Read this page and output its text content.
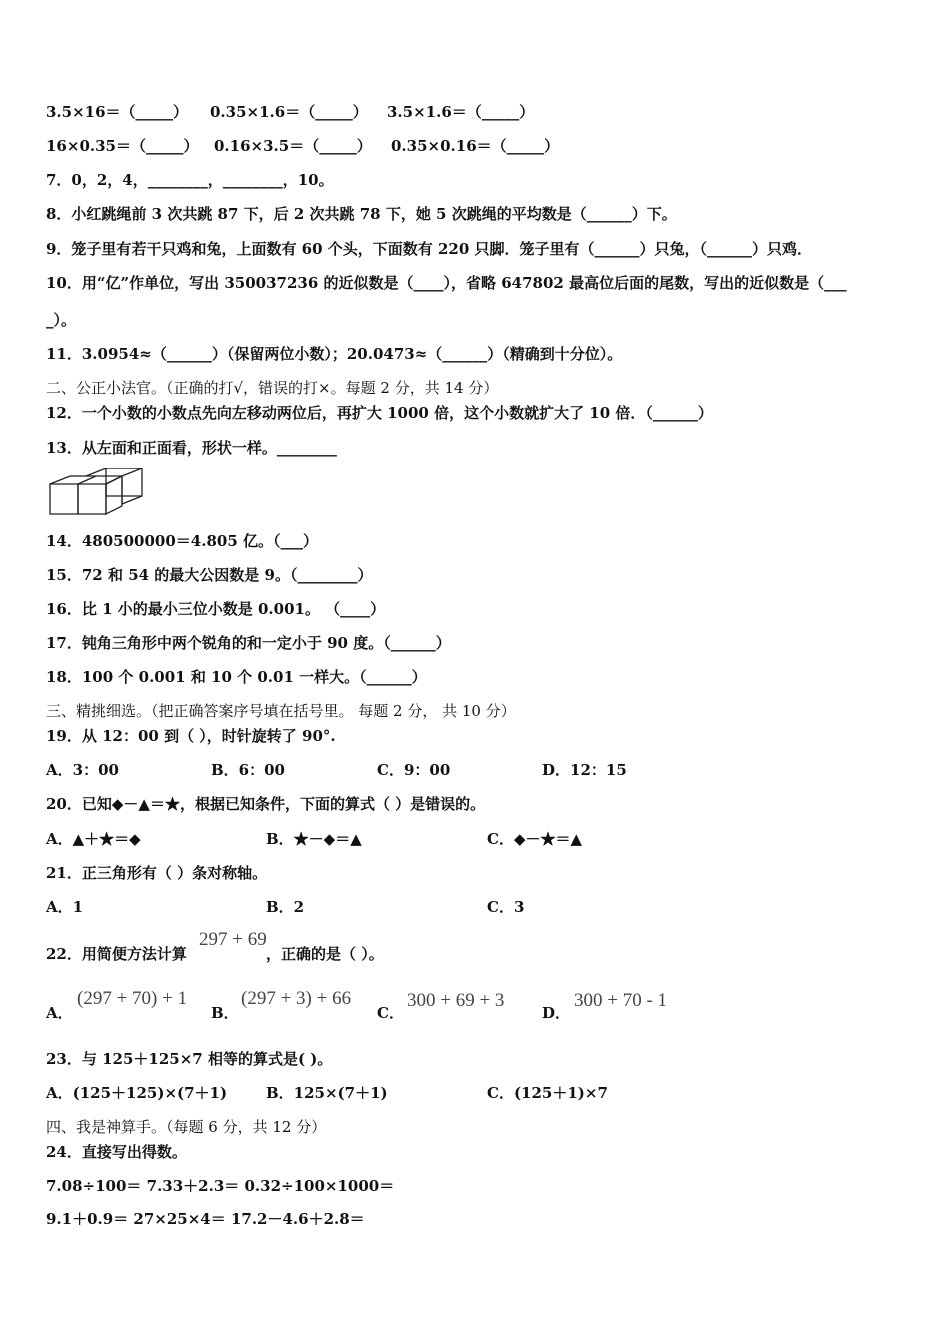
3.5×16＝（_____） 0.35×1.6＝（_____） 3.5×1.6＝（_____）
16×0.35＝（_____） 0.16×3.5＝（_____） 0.35×0.16＝（_____）
7．0，2，4，________，________，10。
8．小红跳绳前 3 次共跳 87 下，后 2 次共跳 78 下，她 5 次跳绳的平均数是（______）下。
9．笼子里有若干只鸡和兔，上面数有 60 个头，下面数有 220 只脚．笼子里有（______）只兔，（______）只鸡．
10．用“亿”作单位，写出 350037236 的近似数是（____），省略 647802 最高位后面的尾数，写出的近似数是（___
_）。
11．3.0954≈（______）（保留两位小数）；20.0473≈（______）（精确到十分位）。
二、公正小法官。（正确的打√，错误的打×。每题 2 分，共 14 分）
12．一个小数的小数点先向左移动两位后，再扩大 1000 倍，这个小数就扩大了 10 倍．（______）
13．从左面和正面看，形状一样。________
14．480500000＝4.805 亿。（___）
15．72 和 54 的最大公因数是 9。（________）
16．比 1 小的最小三位小数是 0.001。 （____）
17．钝角三角形中两个锐角的和一定小于 90 度。（______）
18．100 个 0.001 和 10 个 0.01 一样大。（______）
三、精挑细选。（把正确答案序号填在括号里。 每题 2 分， 共 10 分）
19．从 12：00 到（ ），时针旋转了 90°.
A．3：00	B．6：00	C．9：00	D．12：15
20．已知◆－▲＝★，根据已知条件，下面的算式（ ）是错误的。
A．▲＋★＝◆	B．★－◆＝▲	C．◆－★＝▲
21．正三角形有（ ）条对称轴。
A．1	B．2	C．3
22．用简便方法计算
297 + 69
，正确的是（ ）。
A．
(297 + 70) + 1
B．
(297 + 3) + 66
C．
300 + 69 + 3
D．
300 + 70 - 1
23．与 125＋125×7 相等的算式是( )。
A．(125＋125)×(7＋1)	B．125×(7＋1)	C．(125＋1)×7
四、我是神算手。（每题 6 分，共 12 分）
24．直接写出得数。
7.08÷100＝ 7.33＋2.3＝ 0.32÷100×1000＝
9.1＋0.9＝ 27×25×4＝ 17.2－4.6＋2.8＝
